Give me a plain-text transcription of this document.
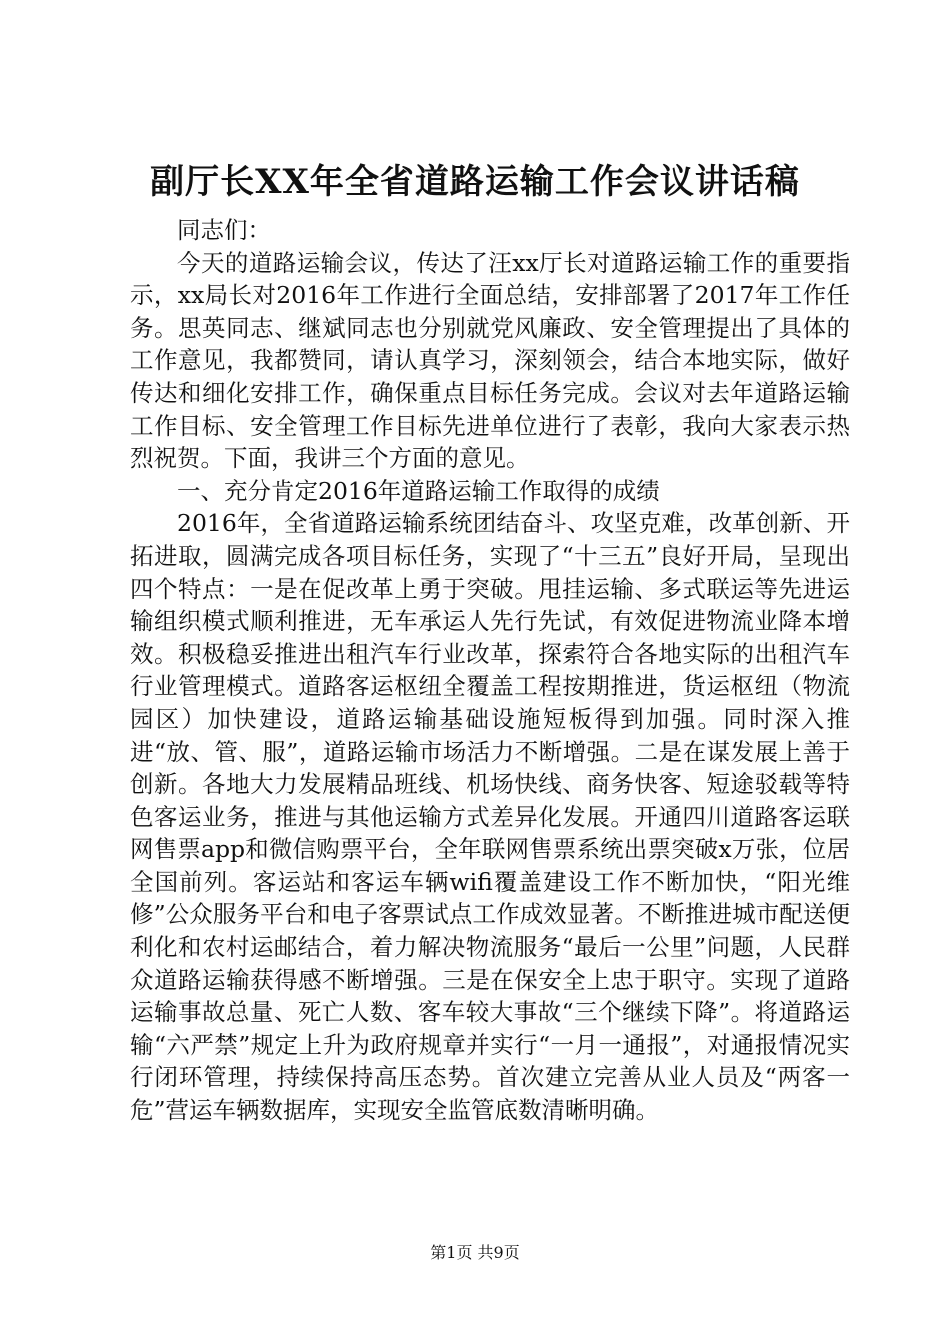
副厅长XX年全省道路运输工作会议讲话稿

同志们：

今天的道路运输会议，传达了汪xx厅长对道路运输工作的重要指示，xx局长对2016年工作进行全面总结，安排部署了2017年工作任务。思英同志、继斌同志也分别就党风廉政、安全管理提出了具体的工作意见，我都赞同，请认真学习，深刻领会，结合本地实际，做好传达和细化安排工作，确保重点目标任务完成。会议对去年道路运输工作目标、安全管理工作目标先进单位进行了表彰，我向大家表示热烈祝贺。下面，我讲三个方面的意见。

一、充分肯定2016年道路运输工作取得的成绩

2016年，全省道路运输系统团结奋斗、攻坚克难，改革创新、开拓进取，圆满完成各项目标任务，实现了“十三五”良好开局，呈现出四个特点：一是在促改革上勇于突破。甩挂运输、多式联运等先进运输组织模式顺利推进，无车承运人先行先试，有效促进物流业降本增效。积极稳妥推进出租汽车行业改革，探索符合各地实际的出租汽车行业管理模式。道路客运枢纽全覆盖工程按期推进，货运枢纽（物流园区）加快建设，道路运输基础设施短板得到加强。同时深入推进“放、管、服”，道路运输市场活力不断增强。二是在谋发展上善于创新。各地大力发展精品班线、机场快线、商务快客、短途驳载等特色客运业务，推进与其他运输方式差异化发展。开通四川道路客运联网售票app和微信购票平台，全年联网售票系统出票突破x万张，位居全国前列。客运站和客运车辆wifi覆盖建设工作不断加快，“阳光维修”公众服务平台和电子客票试点工作成效显著。不断推进城市配送便利化和农村运邮结合，着力解决物流服务“最后一公里”问题，人民群众道路运输获得感不断增强。三是在保安全上忠于职守。实现了道路运输事故总量、死亡人数、客车较大事故“三个继续下降”。将道路运输“六严禁”规定上升为政府规章并实行“一月一通报”，对通报情况实行闭环管理，持续保持高压态势。首次建立完善从业人员及“两客一危”营运车辆数据库，实现安全监管底数清晰明确。

第1页 共9页
